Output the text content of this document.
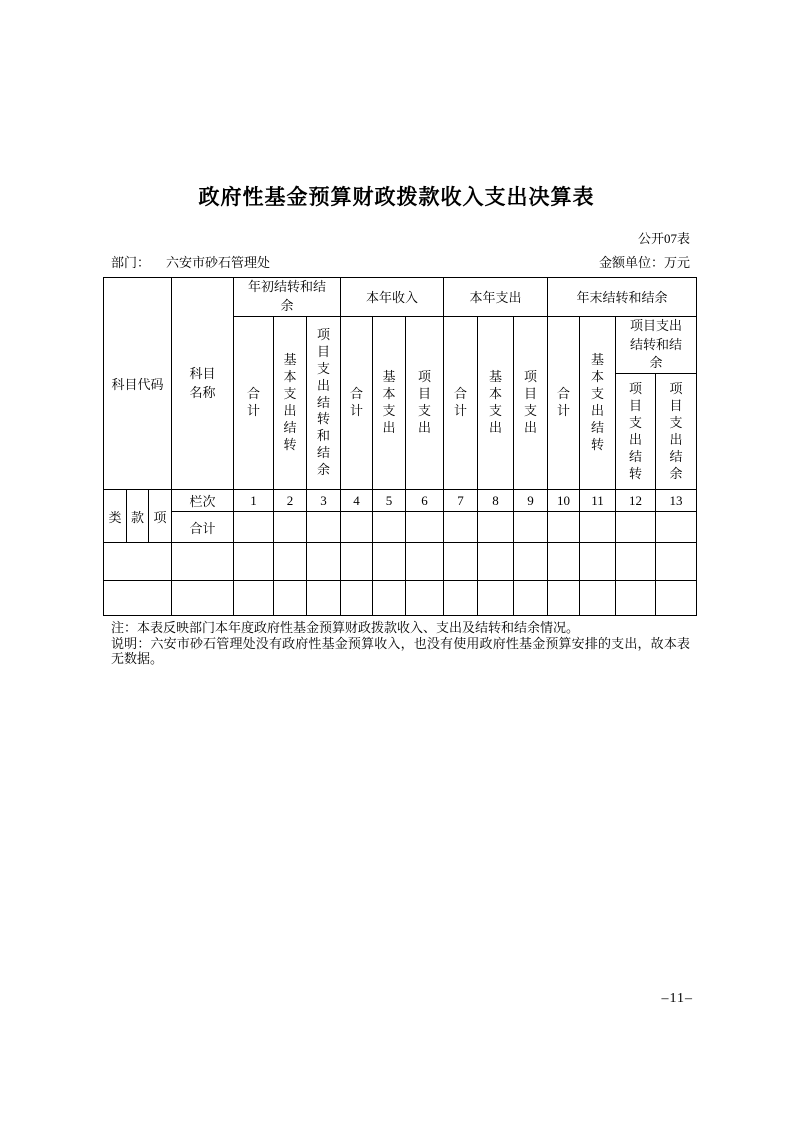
政府性基金预算财政拨款收入支出决算表
公开07表
部门： 六安市砂石管理处	金额单位：万元
科目代码			科目名称	年初结转和结余			本年收入			本年支出			年末结转和结余			
				合计	基本支出结转	项目支出结转和结余	合计	基本支出	项目支出	合计	基本支出	项目支出	合计	基本支出结转	项目支出结转和结余	
															项目支出结转	项目支出结余
类	款	项	栏次	1	2	3	4	5	6	7	8	9	10	11	12	13
			合计													

注：本表反映部门本年度政府性基金预算财政拨款收入、支出及结转和结余情况。
说明：六安市砂石管理处没有政府性基金预算收入，也没有使用政府性基金预算安排的支出，故本表无数据。
–11–
